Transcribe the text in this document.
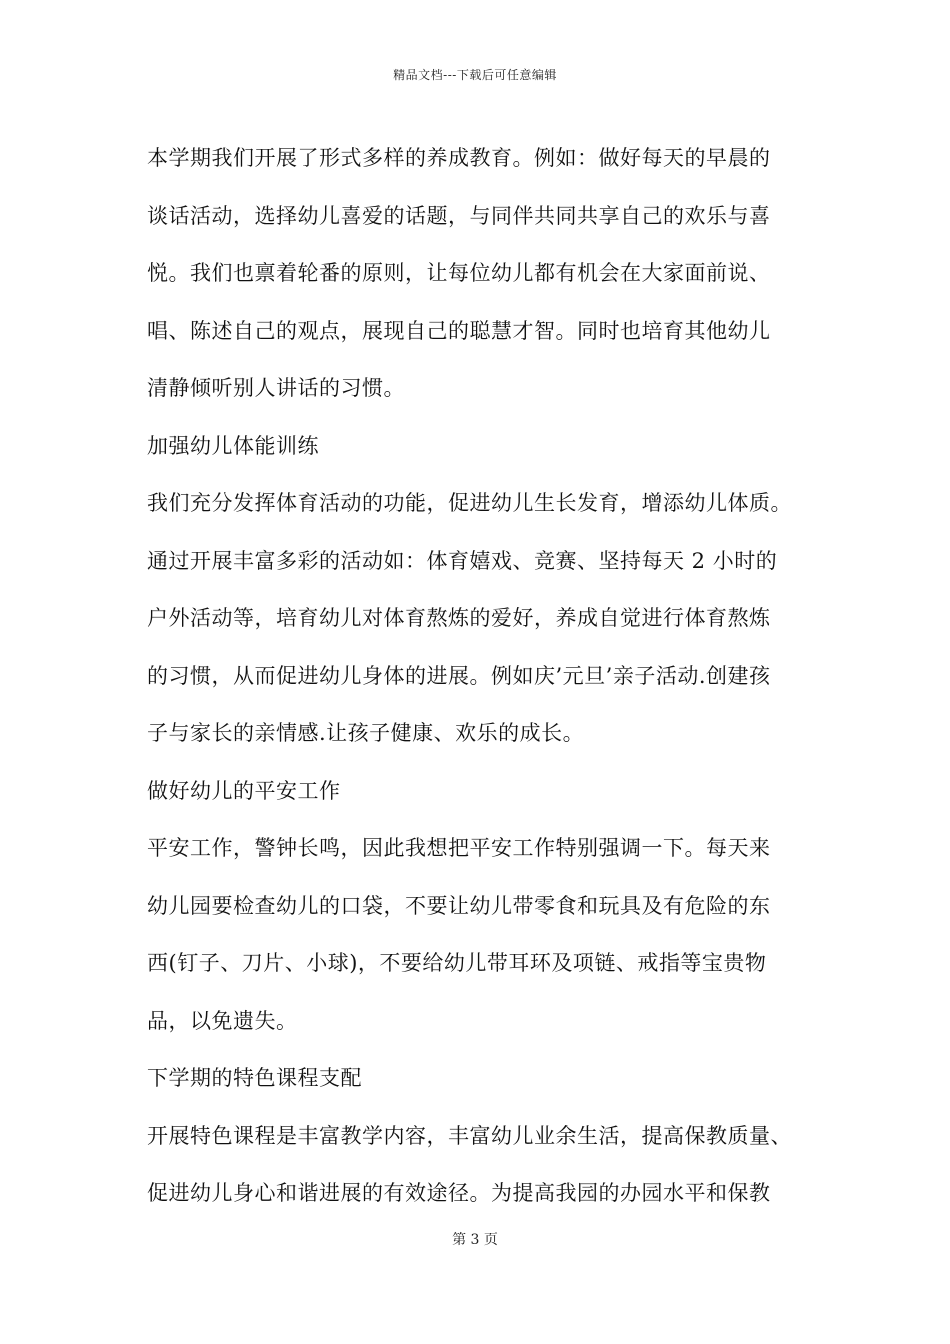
精品文档---下载后可任意编辑
本学期我们开展了形式多样的养成教育。例如：做好每天的早晨的
谈话活动，选择幼儿喜爱的话题，与同伴共同共享自己的欢乐与喜
悦。我们也禀着轮番的原则，让每位幼儿都有机会在大家面前说、
唱、陈述自己的观点，展现自己的聪慧才智。同时也培育其他幼儿
清静倾听别人讲话的习惯。
加强幼儿体能训练
我们充分发挥体育活动的功能，促进幼儿生长发育，增添幼儿体质。
通过开展丰富多彩的活动如：体育嬉戏、竞赛、坚持每天 2 小时的
户外活动等，培育幼儿对体育熬炼的爱好，养成自觉进行体育熬炼
的习惯，从而促进幼儿身体的进展。例如庆’元旦’亲子活动.创建孩
子与家长的亲情感.让孩子健康、欢乐的成长。
做好幼儿的平安工作
平安工作，警钟长鸣，因此我想把平安工作特别强调一下。每天来
幼儿园要检查幼儿的口袋，不要让幼儿带零食和玩具及有危险的东
西(钉子、刀片、小球)，不要给幼儿带耳环及项链、戒指等宝贵物
品，以免遗失。
下学期的特色课程支配
开展特色课程是丰富教学内容，丰富幼儿业余生活，提高保教质量、
促进幼儿身心和谐进展的有效途径。为提高我园的办园水平和保教
第 3 页
